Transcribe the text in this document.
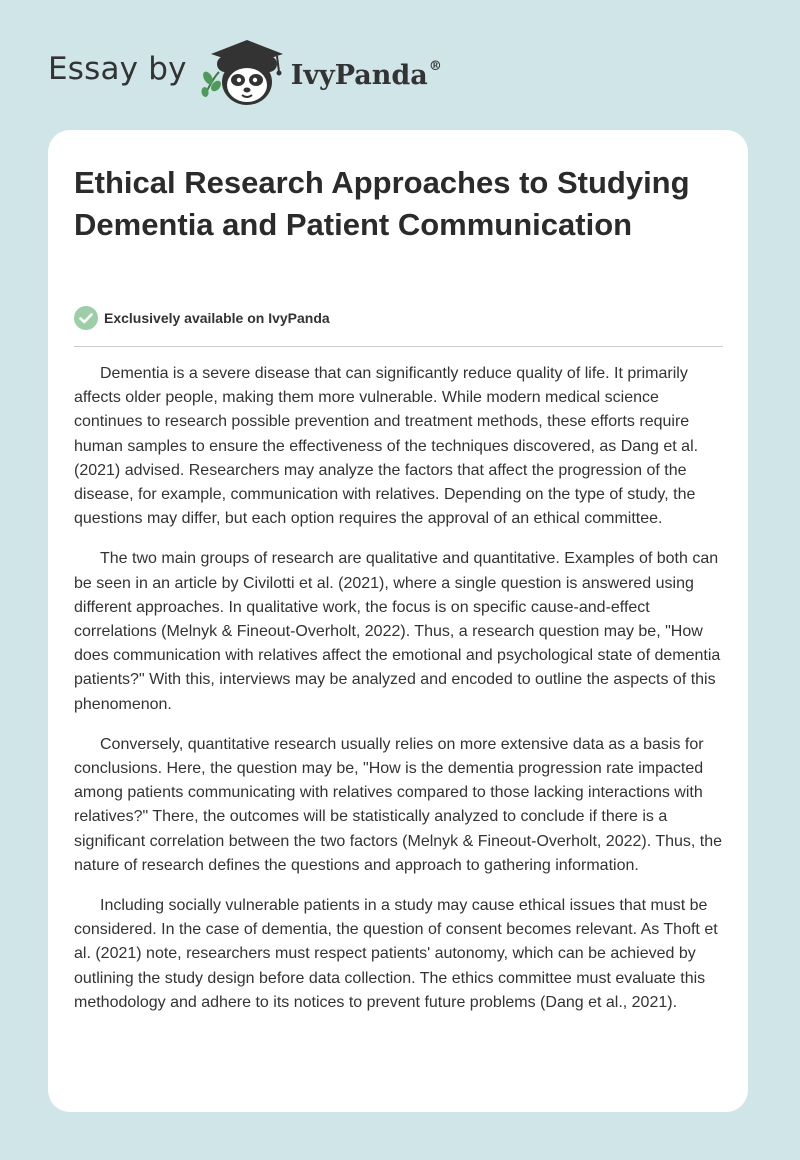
Essay by	IvyPanda®
Ethical Research Approaches to Studying Dementia and Patient Communication
Exclusively available on IvyPanda

Dementia is a severe disease that can significantly reduce quality of life. It primarily affects older people, making them more vulnerable. While modern medical science continues to research possible prevention and treatment methods, these efforts require human samples to ensure the effectiveness of the techniques discovered, as Dang et al. (2021) advised. Researchers may analyze the factors that affect the progression of the disease, for example, communication with relatives. Depending on the type of study, the questions may differ, but each option requires the approval of an ethical committee.

The two main groups of research are qualitative and quantitative. Examples of both can be seen in an article by Civilotti et al. (2021), where a single question is answered using different approaches. In qualitative work, the focus is on specific cause-and-effect correlations (Melnyk & Fineout-Overholt, 2022). Thus, a research question may be, "How does communication with relatives affect the emotional and psychological state of dementia patients?" With this, interviews may be analyzed and encoded to outline the aspects of this phenomenon.

Conversely, quantitative research usually relies on more extensive data as a basis for conclusions. Here, the question may be, "How is the dementia progression rate impacted among patients communicating with relatives compared to those lacking interactions with relatives?" There, the outcomes will be statistically analyzed to conclude if there is a significant correlation between the two factors (Melnyk & Fineout-Overholt, 2022). Thus, the nature of research defines the questions and approach to gathering information.

Including socially vulnerable patients in a study may cause ethical issues that must be considered. In the case of dementia, the question of consent becomes relevant. As Thoft et al. (2021) note, researchers must respect patients' autonomy, which can be achieved by outlining the study design before data collection. The ethics committee must evaluate this methodology and adhere to its notices to prevent future problems (Dang et al., 2021).
